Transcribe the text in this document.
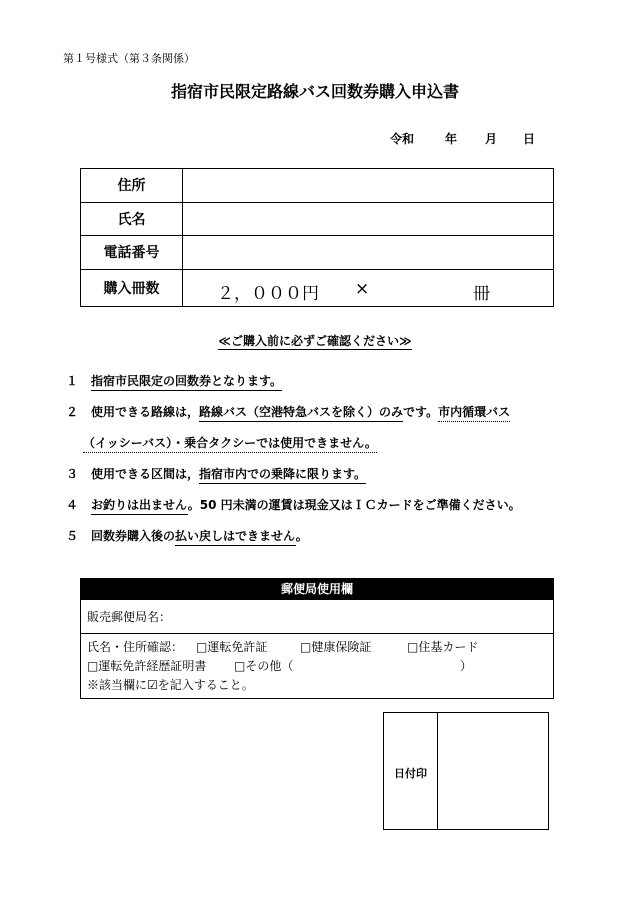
第１号様式（第３条関係）
指宿市民限定路線バス回数券購入申込書
令和	年 月 日
住所	
氏名	
電話番号	
購入冊数	２，０００円 × 冊
≪ご購入前に必ずご確認ください≫
１ 指宿市民限定の回数券となります。
２ 使用できる路線は，路線バス（空港特急バスを除く）のみです。市内循環バス
（イッシーバス）・乗合タクシーでは使用できません。
３ 使用できる区間は，指宿市内での乗降に限ります。
４ お釣りは出ません。50 円未満の運賃は現金又はＩＣカードをご準備ください。
５ 回数券購入後の払い戻しはできません。
郵便局使用欄
販売郵便局名：
氏名・住所確認： □運転免許証	□健康保険証	□住基カード
□運転免許経歴証明書 □その他（	）
※該当欄に☑を記入すること。
日付印
